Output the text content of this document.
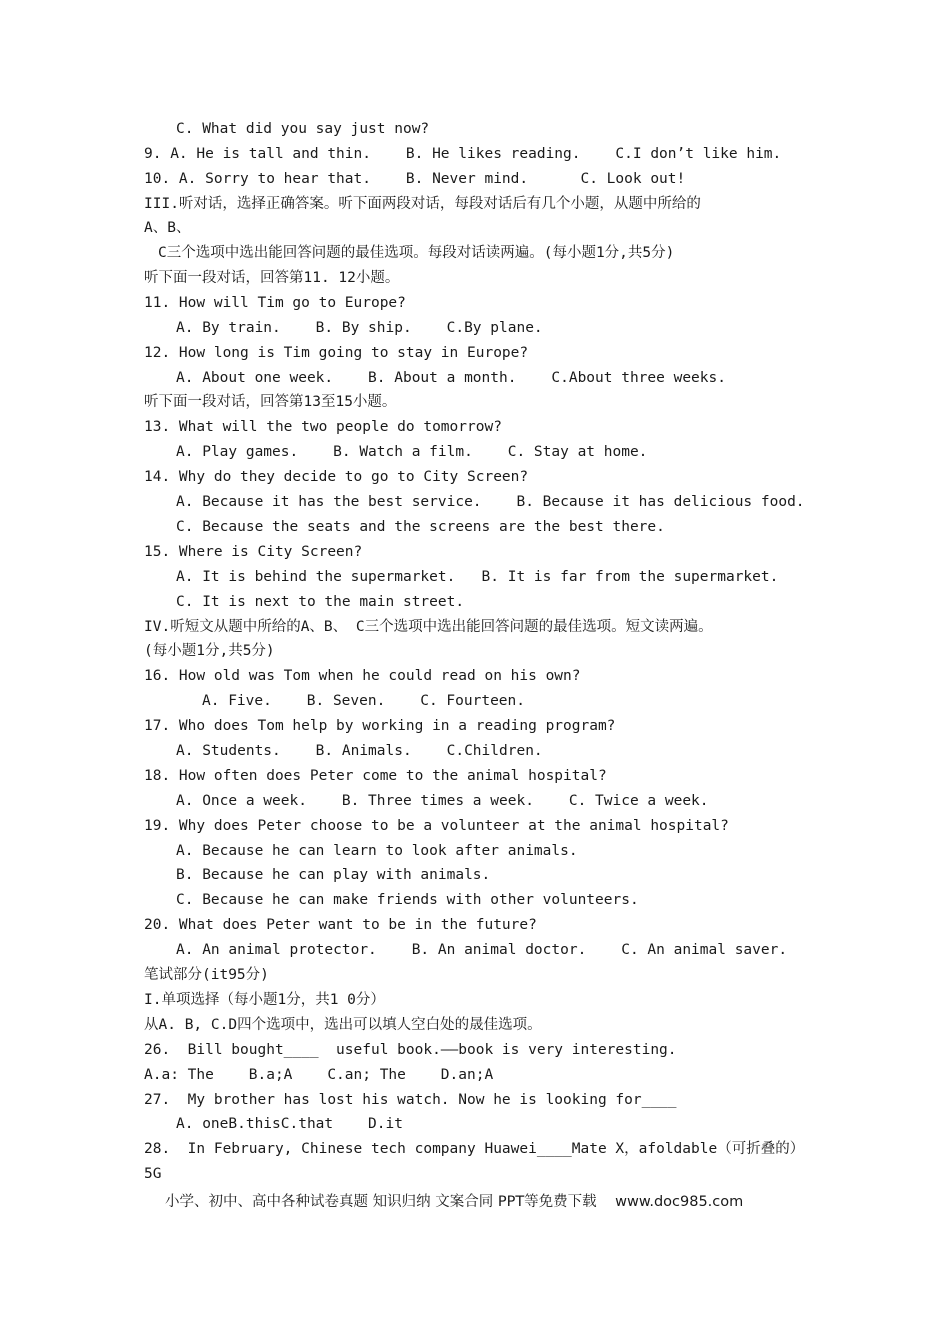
C. What did you say just now?
9. A. He is tall and thin.    B. He likes reading.    C.I don’t like him.
10. A. Sorry to hear that.    B. Never mind.      C. Look out!
III.听对话，选择正确答案。听下面两段对话，每段对话后有几个小题，从题中所给的
A、B、
C三个选项中选出能回答问题的最佳选项。每段对话读两遍。(每小题1分,共5分)
听下面一段对话，回答第11. 12小题。
11. How will Tim go to Europe?
A. By train.    B. By ship.    C.By plane.
12. How long is Tim going to stay in Europe?
A. About one week.    B. About a month.    C.About three weeks.
听下面一段对话，回答第13至15小题。
13. What will the two people do tomorrow?
A. Play games.    B. Watch a film.    C. Stay at home.
14. Why do they decide to go to City Screen?
A. Because it has the best service.    B. Because it has delicious food.
C. Because the seats and the screens are the best there.
15. Where is City Screen?
A. It is behind the supermarket.   B. It is far from the supermarket.
C. It is next to the main street.
IV.听短文从题中所给的A、B、 C三个选项中选出能回答问题的最佳选项。短文读两遍。
(每小题1分,共5分)
16. How old was Tom when he could read on his own?
A. Five.    B. Seven.    C. Fourteen.
17. Who does Tom help by working in a reading program?
A. Students.    B. Animals.    C.Children.
18. How often does Peter come to the animal hospital?
A. Once a week.    B. Three times a week.    C. Twice a week.
19. Why does Peter choose to be a volunteer at the animal hospital?
A. Because he can learn to look after animals.
B. Because he can play with animals.
C. Because he can make friends with other volunteers.
20. What does Peter want to be in the future?
A. An animal protector.    B. An animal doctor.    C. An animal saver.
笔试部分(it95分)
I.单项选择（每小题1分，共1 0分）
从A. B, C.D四个选项中，选出可以填人空白处的晟佳选项。
26.  Bill bought____  useful book.——book is very interesting.
A.a: The    B.a;A    C.an; The    D.an;A
27.  My brother has lost his watch. Now he is looking for____
A. oneB.thisC.that    D.it
28.  In February, Chinese tech company Huawei____Mate X，afoldable（可折叠的）
5G
小学、初中、高中各种试卷真题 知识归纳 文案合同 PPT等免费下载    www.doc985.com
